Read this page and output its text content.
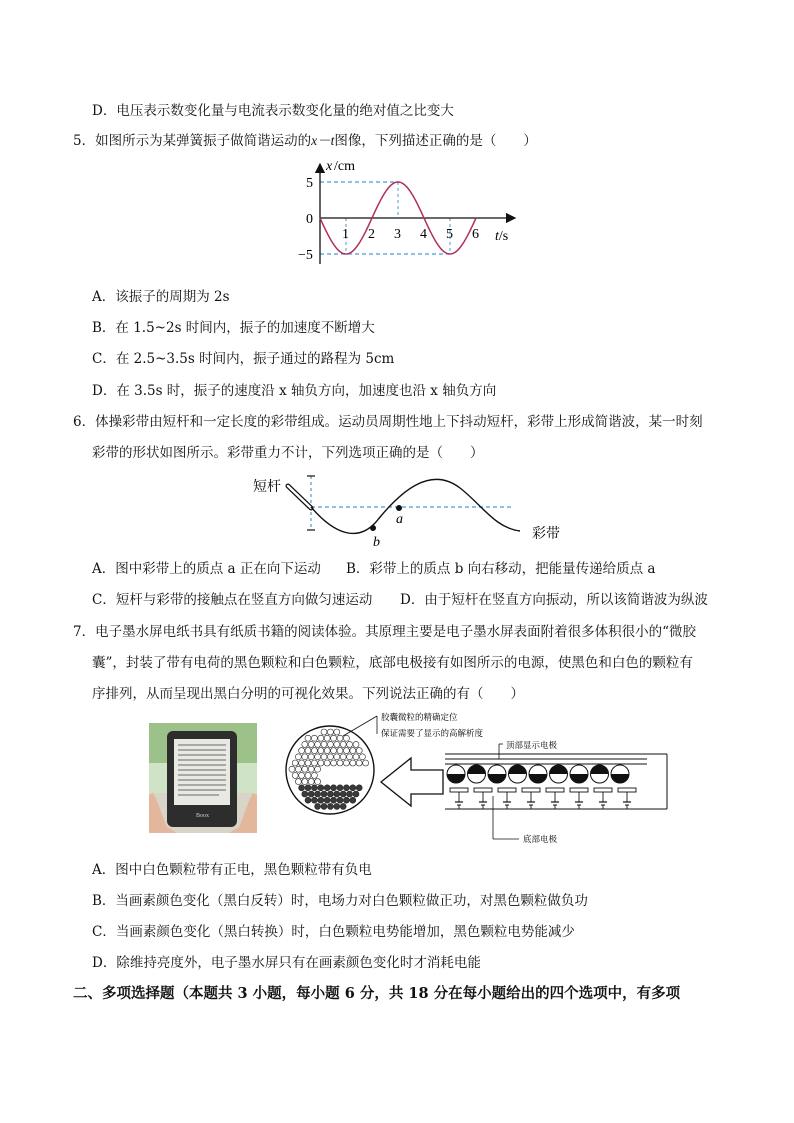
D．电压表示数变化量与电流表示数变化量的绝对值之比变大
5．如图所示为某弹簧振子做简谐运动的x－t图像，下列描述正确的是（　　）
1 2 3 4 5 6
x /cm
5
0
−5
t/s
A．该振子的周期为 2s
B．在 1.5~2s 时间内，振子的加速度不断增大
C．在 2.5~3.5s 时间内，振子通过的路程为 5cm
D．在 3.5s 时，振子的速度沿 x 轴负方向，加速度也沿 x 轴负方向
6．体操彩带由短杆和一定长度的彩带组成。运动员周期性地上下抖动短杆，彩带上形成简谐波，某一时刻
彩带的形状如图所示。彩带重力不计，下列选项正确的是（　　）
a
b
短杆
彩带
A．图中彩带上的质点 a 正在向下运动 B．彩带上的质点 b 向右移动，把能量传递给质点 a
C．短杆与彩带的接触点在竖直方向做匀速运动 D．由于短杆在竖直方向振动，所以该简谐波为纵波
7．电子墨水屏电纸书具有纸质书籍的阅读体验。其原理主要是电子墨水屏表面附着很多体积很小的“微胶
囊”，封装了带有电荷的黑色颗粒和白色颗粒，底部电极接有如图所示的电源，使黑色和白色的颗粒有
序排列，从而呈现出黑白分明的可视化效果。下列说法正确的有（　　）
Boox
胶囊微粒的精确定位
保证需要了显示的高解析度
顶部显示电极
底部电极
A．图中白色颗粒带有正电，黑色颗粒带有负电
B．当画素颜色变化（黑白反转）时，电场力对白色颗粒做正功，对黑色颗粒做负功
C．当画素颜色变化（黑白转换）时，白色颗粒电势能增加，黑色颗粒电势能减少
D．除维持亮度外，电子墨水屏只有在画素颜色变化时才消耗电能
二、多项选择题（本题共 3 小题，每小题 6 分，共 18 分在每小题给出的四个选项中，有多项
